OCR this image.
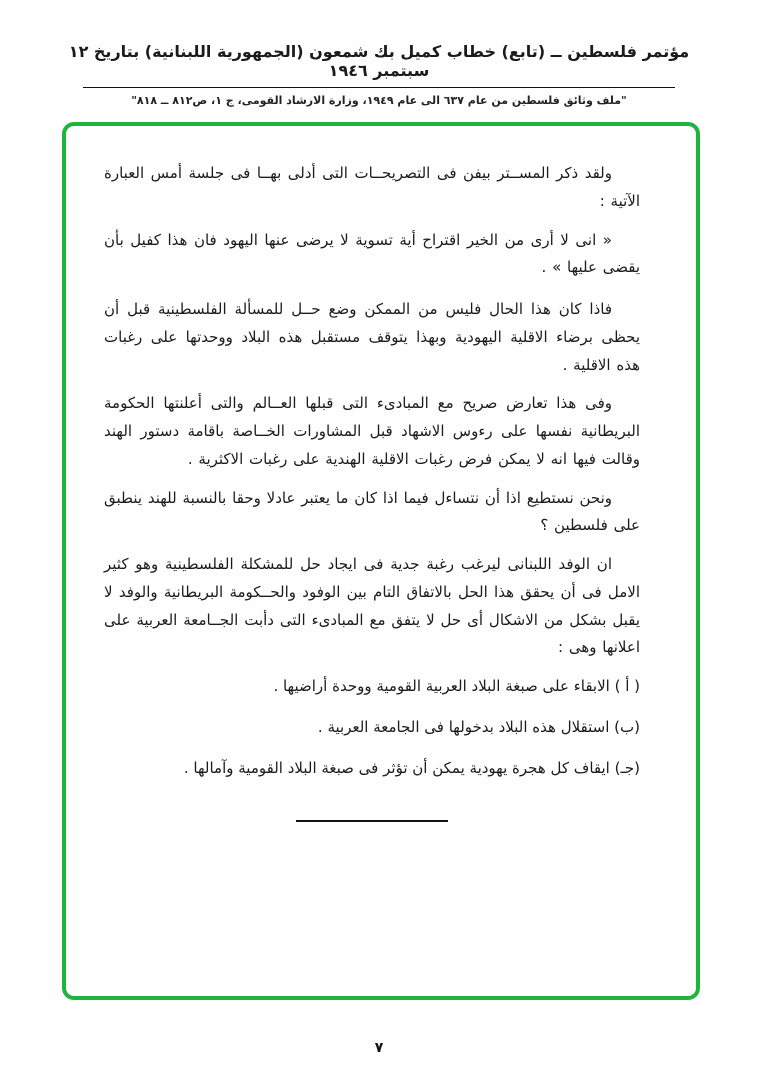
مؤتمر فلسطين ــ (تابع) خطاب كميل بك شمعون (الجمهورية اللبنانية) بتاريخ ١٢ سبتمبر ١٩٤٦
"ملف وثائق فلسطين من عام ٦٣٧ الى عام ١٩٤٩، وزارة الارشاد القومى، ج ١، ص٨١٢ ــ ٨١٨"

ولقد ذكر المســتر بيفن فى التصريحــات التى أدلى بهــا فى جلسة أمس العبارة الآتية :

« انى لا أرى من الخير اقتراح أية تسوية لا يرضى عنها اليهود فان هذا كفيل بأن يقضى عليها » .

فاذا كان هذا الحال فليس من الممكن وضع حــل للمسألة الفلسطينية قبل أن يحظى برضاء الاقلية اليهودية وبهذا يتوقف مستقبل هذه البلاد ووحدتها على رغبات هذه الاقلية .

وفى هذا تعارض صريح مع المبادىء التى قبلها العــالم والتى أعلنتها الحكومة البريطانية نفسها على رءوس الاشهاد قبل المشاورات الخــاصة باقامة دستور الهند وقالت فيها انه لا يمكن فرض رغبات الاقلية الهندية على رغبات الاكثرية .

ونحن نستطيع اذا أن نتساءل فيما اذا كان ما يعتبر عادلا وحقا بالنسبة للهند ينطبق على فلسطين ؟

ان الوفد اللبنانى ليرغب رغبة جدية فى ايجاد حل للمشكلة الفلسطينية وهو كثير الامل فى أن يحقق هذا الحل بالاتفاق التام بين الوفود والحــكومة البريطانية والوفد لا يقبل بشكل من الاشكال أى حل لا يتفق مع المبادىء التى دأبت الجــامعة العربية على اعلانها وهى :

( أ ) الابقاء على صبغة البلاد العربية القومية ووحدة أراضيها .

(ب) استقلال هذه البلاد بدخولها فى الجامعة العربية .

(جـ) ايقاف كل هجرة يهودية يمكن أن تؤثر فى صبغة البلاد القومية وآمالها .

٧
